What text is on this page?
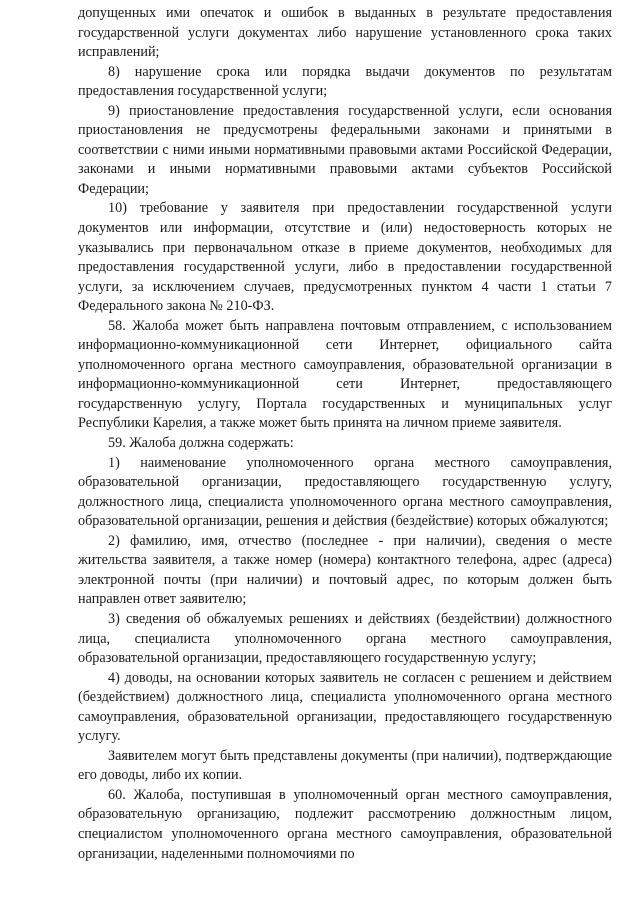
допущенных ими опечаток и ошибок в выданных в результате предоставления государственной услуги документах либо нарушение установленного срока таких исправлений;

8) нарушение срока или порядка выдачи документов по результатам предоставления государственной услуги;

9) приостановление предоставления государственной услуги, если основания приостановления не предусмотрены федеральными законами и принятыми в соответствии с ними иными нормативными правовыми актами Российской Федерации, законами и иными нормативными правовыми актами субъектов Российской Федерации;

10) требование у заявителя при предоставлении государственной услуги документов или информации, отсутствие и (или) недостоверность которых не указывались при первоначальном отказе в приеме документов, необходимых для предоставления государственной услуги, либо в предоставлении государственной услуги, за исключением случаев, предусмотренных пунктом 4 части 1 статьи 7 Федерального закона № 210-ФЗ.

58. Жалоба может быть направлена почтовым отправлением, с использованием информационно-коммуникационной сети Интернет, официального сайта уполномоченного органа местного самоуправления, образовательной организации в информационно-коммуникационной сети Интернет, предоставляющего государственную услугу, Портала государственных и муниципальных услуг Республики Карелия, а также может быть принята на личном приеме заявителя.

59. Жалоба должна содержать:

1) наименование уполномоченного органа местного самоуправления, образовательной организации, предоставляющего государственную услугу, должностного лица, специалиста уполномоченного органа местного самоуправления, образовательной организации, решения и действия (бездействие) которых обжалуются;

2) фамилию, имя, отчество (последнее - при наличии), сведения о месте жительства заявителя, а также номер (номера) контактного телефона, адрес (адреса) электронной почты (при наличии) и почтовый адрес, по которым должен быть направлен ответ заявителю;

3) сведения об обжалуемых решениях и действиях (бездействии) должностного лица, специалиста уполномоченного органа местного самоуправления, образовательной организации, предоставляющего государственную услугу;

4) доводы, на основании которых заявитель не согласен с решением и действием (бездействием) должностного лица, специалиста уполномоченного органа местного самоуправления, образовательной организации, предоставляющего государственную услугу.

Заявителем могут быть представлены документы (при наличии), подтверждающие его доводы, либо их копии.

60. Жалоба, поступившая в уполномоченный орган местного самоуправления, образовательную организацию, подлежит рассмотрению должностным лицом, специалистом уполномоченного органа местного самоуправления, образовательной организации, наделенными полномочиями по
